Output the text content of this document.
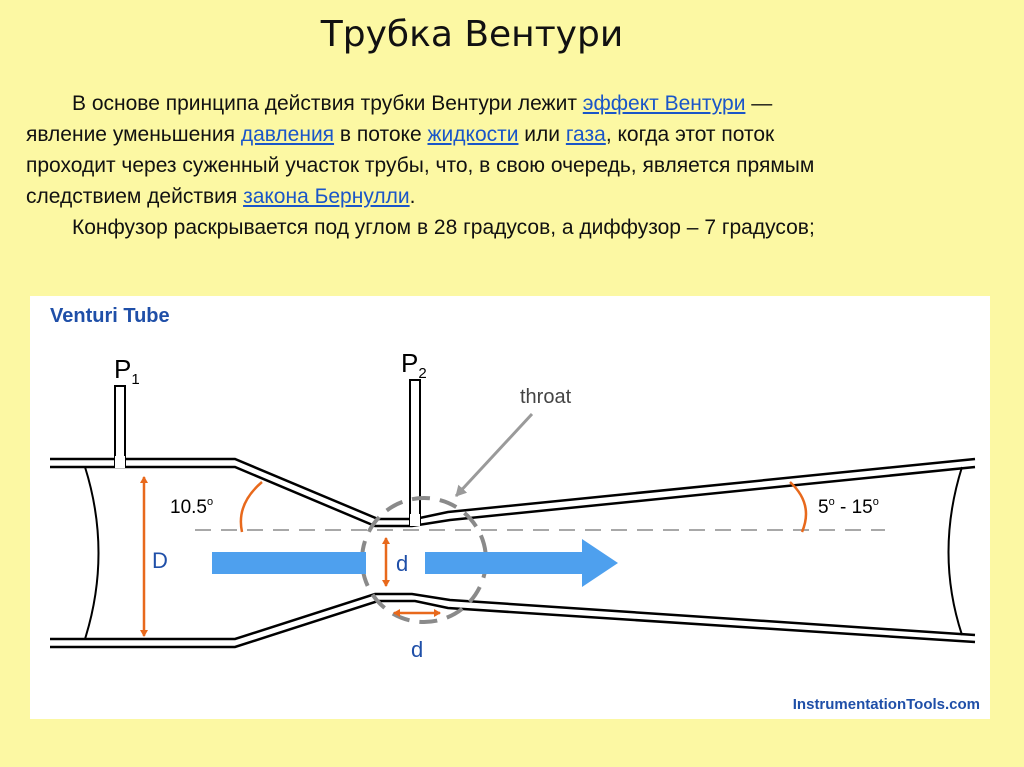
Трубка Вентури
В основе принципа действия трубки Вентури лежит эффект Вентури —
явление уменьшения давления в потоке жидкости или газа, когда этот поток
проходит через суженный участок трубы, что, в свою очередь, является прямым
следствием действия закона Бернулли.
Конфузор раскрывается под углом в 28 градусов, а диффузор – 7 градусов;
Venturi Tube
$P_1$
$P_2$
throat
10.5$^o$	5$^o$ - 15$^o$
D	d
d
InstrumentationTools.com
